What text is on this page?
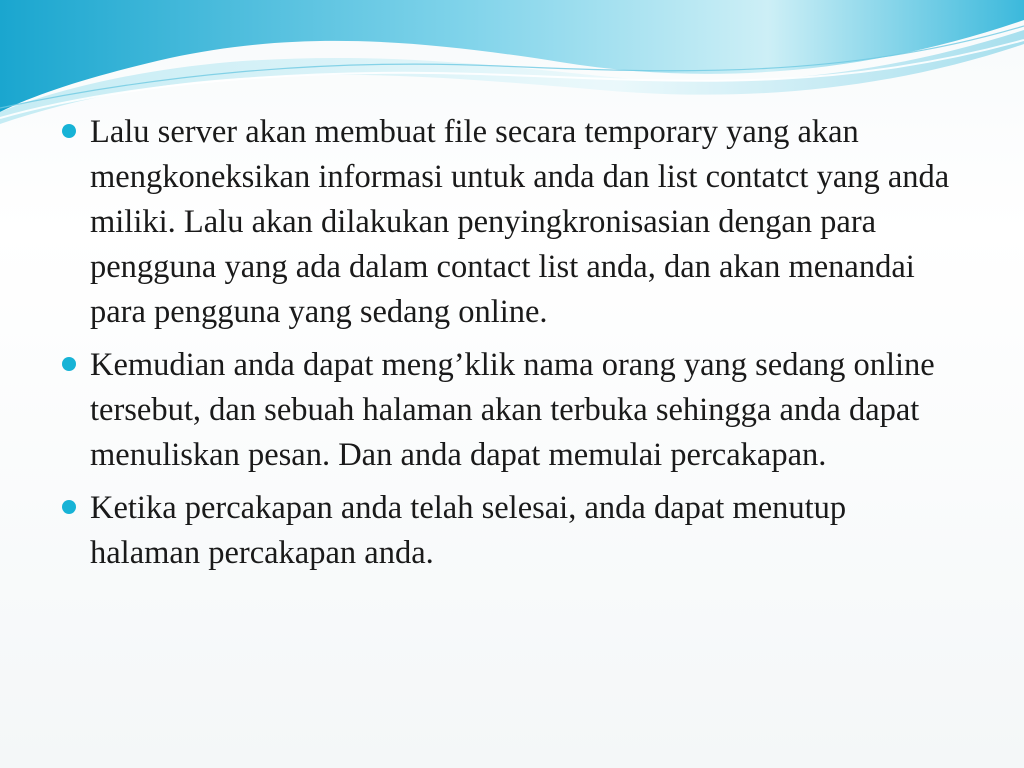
Lalu server akan membuat file secara temporary yang akan mengkoneksikan informasi untuk anda dan list contatct yang anda miliki. Lalu akan dilakukan penyingkronisasian dengan para pengguna yang ada dalam contact list anda, dan akan menandai para pengguna yang sedang online.
Kemudian anda dapat meng’klik nama orang yang sedang online tersebut, dan sebuah halaman akan terbuka sehingga anda dapat menuliskan pesan. Dan anda dapat memulai percakapan.
Ketika percakapan anda telah selesai, anda dapat menutup halaman percakapan anda.
